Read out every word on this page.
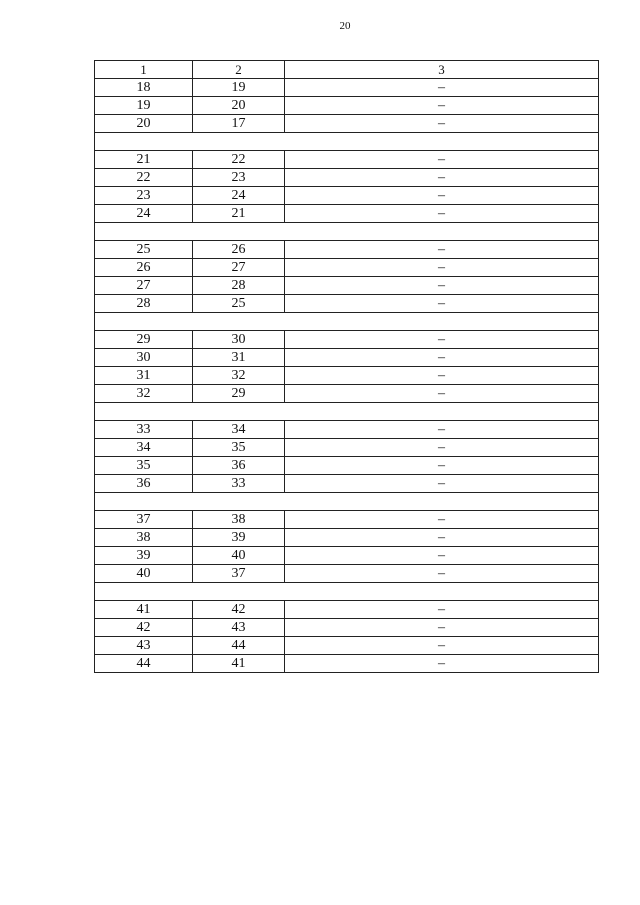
20
1	2	3
18	19	–
19	20	–
20	17	–

21	22	–
22	23	–
23	24	–
24	21	–

25	26	–
26	27	–
27	28	–
28	25	–

29	30	–
30	31	–
31	32	–
32	29	–

33	34	–
34	35	–
35	36	–
36	33	–

37	38	–
38	39	–
39	40	–
40	37	–

41	42	–
42	43	–
43	44	–
44	41	–
